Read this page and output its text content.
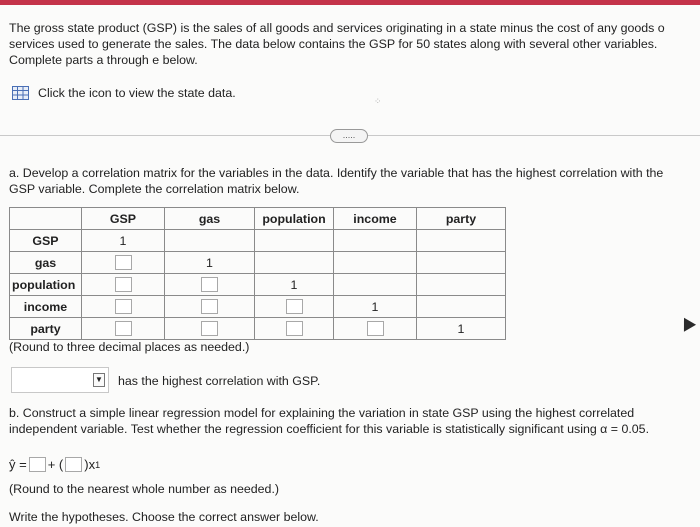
The gross state product (GSP) is the sales of all goods and services originating in a state minus the cost of any goods o
services used to generate the sales. The data below contains the GSP for 50 states along with several other variables.
Complete parts a through e below.
Click the icon to view the state data.
⁘
.....
a. Develop a correlation matrix for the variables in the data. Identify the variable that has the highest correlation with the
GSP variable. Complete the correlation matrix below.
	GSP	gas	population	income	party
GSP	1				
gas		1			
population			1		
income				1	
party					1
(Round to three decimal places as needed.)
▼ has the highest correlation with GSP.
b. Construct a simple linear regression model for explaining the variation in state GSP using the highest correlated
independent variable. Test whether the regression coefficient for this variable is statistically significant using α = 0.05.
ŷ = + ( )x 1
(Round to the nearest whole number as needed.)
Write the hypotheses. Choose the correct answer below.
